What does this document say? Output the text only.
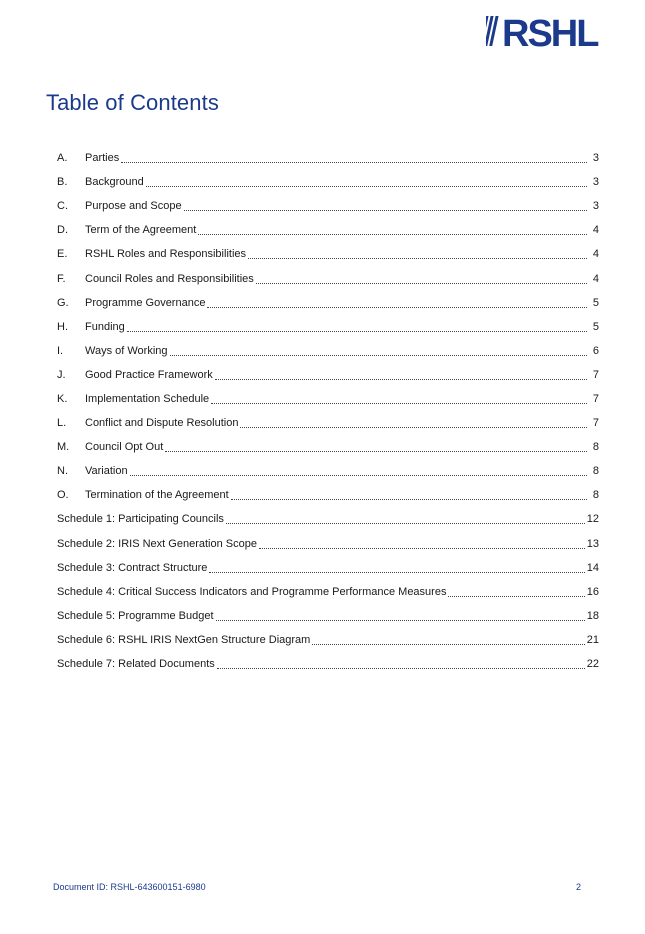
RSHL
Table of Contents
A.	Parties	3
B.	Background	3
C.	Purpose and Scope	3
D.	Term of the Agreement	4
E.	RSHL Roles and Responsibilities	4
F.	Council Roles and Responsibilities	4
G.	Programme Governance	5
H.	Funding	5
I.	Ways of Working	6
J.	Good Practice Framework	7
K.	Implementation Schedule	7
L.	Conflict and Dispute Resolution	7
M.	Council Opt Out	8
N.	Variation	8
O.	Termination of the Agreement	8
Schedule 1: Participating Councils	12
Schedule 2: IRIS Next Generation Scope	13
Schedule 3: Contract Structure	14
Schedule 4: Critical Success Indicators and Programme Performance Measures	16
Schedule 5: Programme Budget	18
Schedule 6: RSHL IRIS NextGen Structure Diagram	21
Schedule 7: Related Documents	22
Document ID: RSHL-643600151-6980	2
